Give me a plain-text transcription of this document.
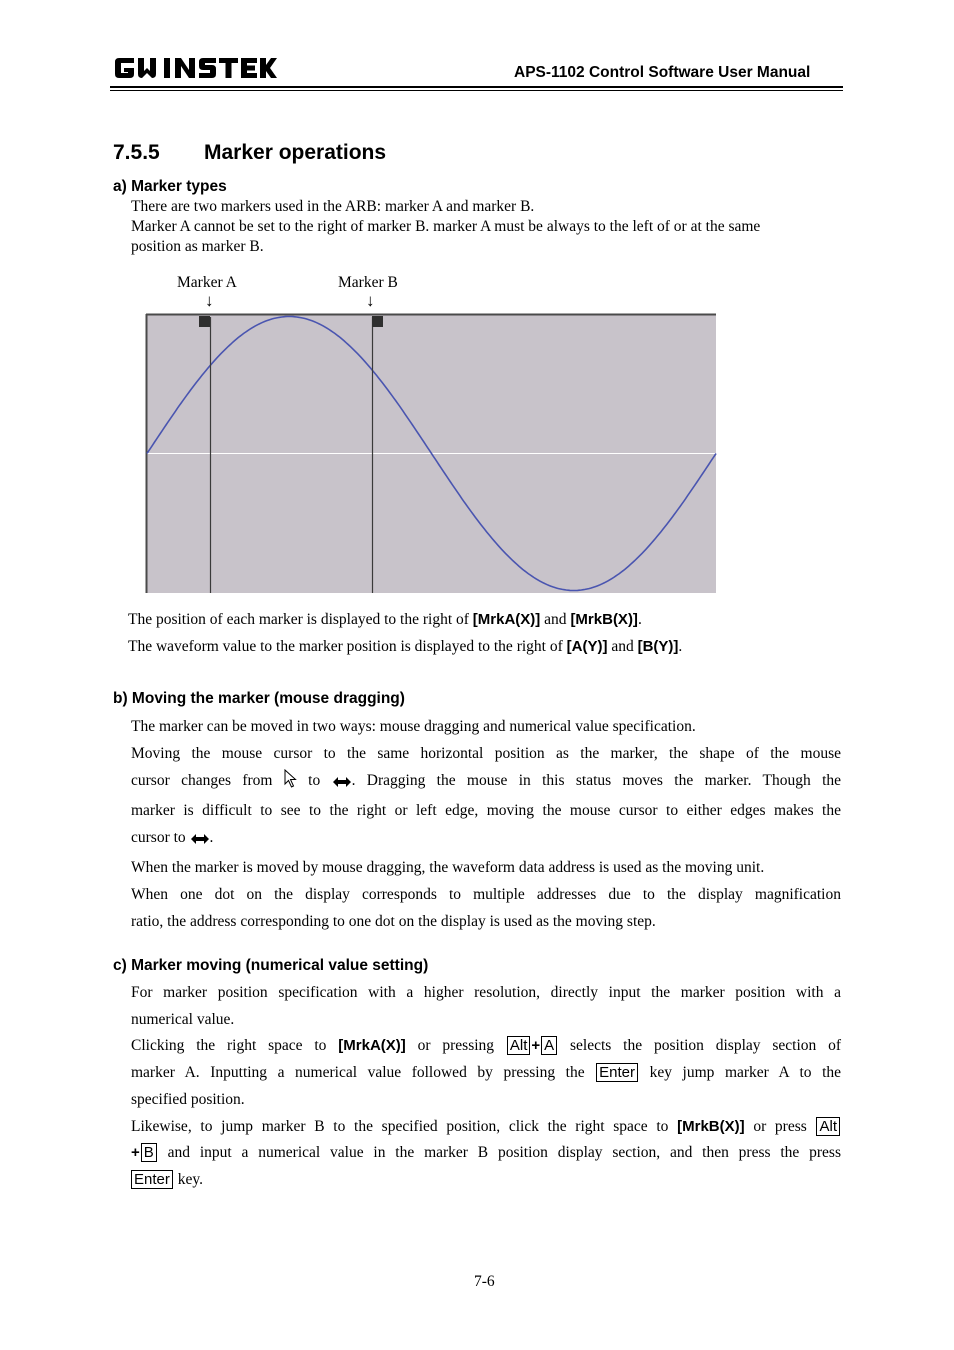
APS-1102 Control Software User Manual
7.5.5 Marker operations
a) Marker types
There are two markers used in the ARB: marker A and marker B.
Marker A cannot be set to the right of marker B. marker A must be always to the left of or at the same
position as marker B.
Marker A	Marker B
↓	↓
The position of each marker is displayed to the right of [MrkA(X)] and [MrkB(X)].
The waveform value to the marker position is displayed to the right of [A(Y)] and [B(Y)].
b) Moving the marker (mouse dragging)
The marker can be moved in two ways: mouse dragging and numerical value specification.
Moving the mouse cursor to the same horizontal position as the marker, the shape of the mouse
cursor changes from to . Dragging the mouse in this status moves the marker. Though the
marker is difficult to see to the right or left edge, moving the mouse cursor to either edges makes the
cursor to .
When the marker is moved by mouse dragging, the waveform data address is used as the moving unit.
When one dot on the display corresponds to multiple addresses due to the display magnification
ratio, the address corresponding to one dot on the display is used as the moving step.
c) Marker moving (numerical value setting)
For marker position specification with a higher resolution, directly input the marker position with a
numerical value.
Clicking the right space to [MrkA(X)] or pressing Alt + A selects the position display section of
marker A. Inputting a numerical value followed by pressing the Enter key jump marker A to the
specified position.
Likewise, to jump marker B to the specified position, click the right space to [MrkB(X)] or press Alt
+ B and input a numerical value in the marker B position display section, and then press the press
Enter key.
7-6
